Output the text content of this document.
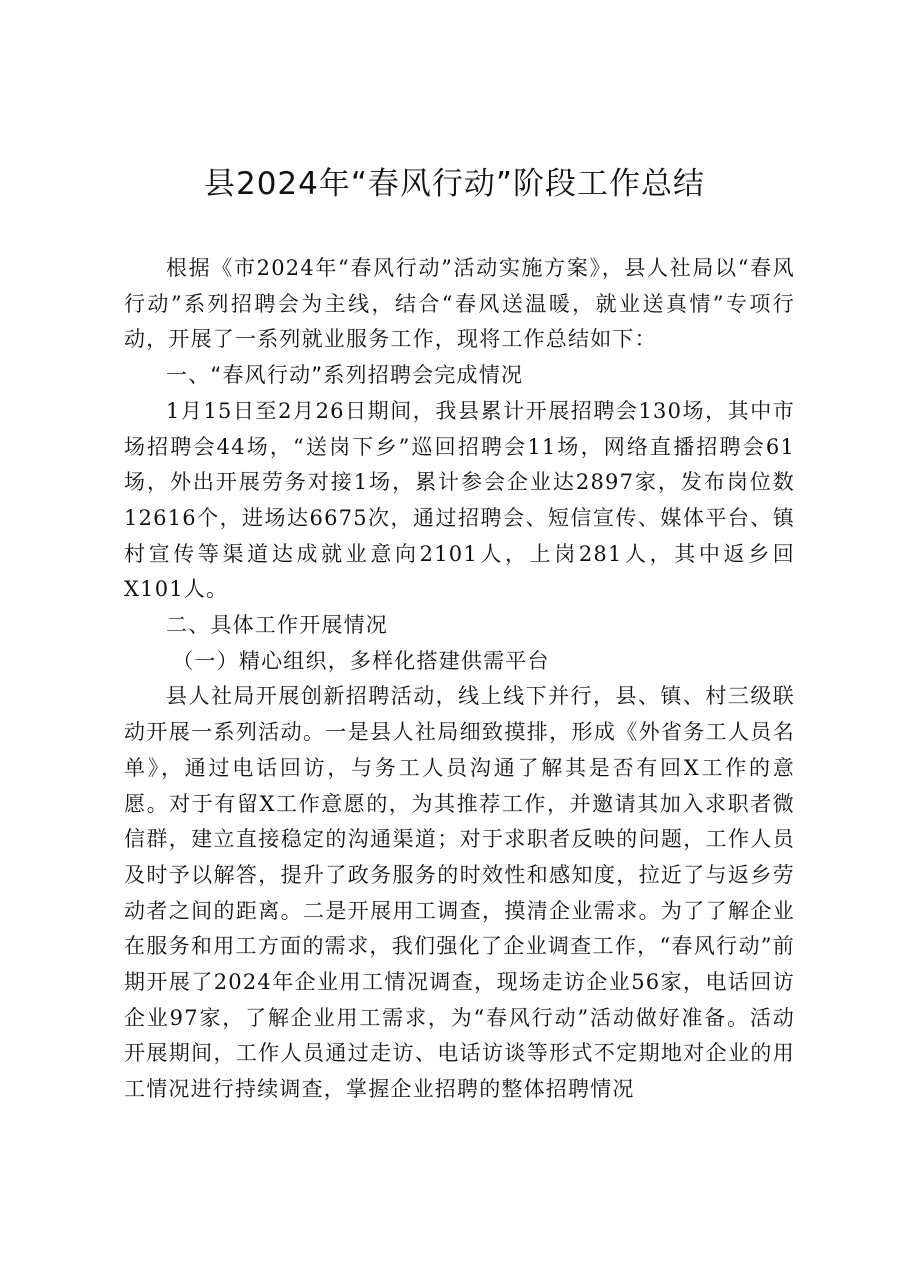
县2024年“春风行动”阶段工作总结

根据《市2024年“春风行动”活动实施方案》，县人社局以“春风行动”系列招聘会为主线，结合“春风送温暖，就业送真情”专项行动，开展了一系列就业服务工作，现将工作总结如下：

一、“春风行动”系列招聘会完成情况

1月15日至2月26日期间，我县累计开展招聘会130场，其中市场招聘会44场，“送岗下乡”巡回招聘会11场，网络直播招聘会61场，外出开展劳务对接1场，累计参会企业达2897家，发布岗位数12616个，进场达6675次，通过招聘会、短信宣传、媒体平台、镇村宣传等渠道达成就业意向2101人，上岗281人，其中返乡回X101人。

二、具体工作开展情况

（一）精心组织，多样化搭建供需平台

县人社局开展创新招聘活动，线上线下并行，县、镇、村三级联动开展一系列活动。一是县人社局细致摸排，形成《外省务工人员名单》，通过电话回访，与务工人员沟通了解其是否有回X工作的意愿。对于有留X工作意愿的，为其推荐工作，并邀请其加入求职者微信群，建立直接稳定的沟通渠道；对于求职者反映的问题，工作人员及时予以解答，提升了政务服务的时效性和感知度，拉近了与返乡劳动者之间的距离。二是开展用工调查，摸清企业需求。为了了解企业在服务和用工方面的需求，我们强化了企业调查工作，“春风行动”前期开展了2024年企业用工情况调查，现场走访企业56家，电话回访企业97家，了解企业用工需求，为“春风行动”活动做好准备。活动开展期间，工作人员通过走访、电话访谈等形式不定期地对企业的用工情况进行持续调查，掌握企业招聘的整体招聘情况
